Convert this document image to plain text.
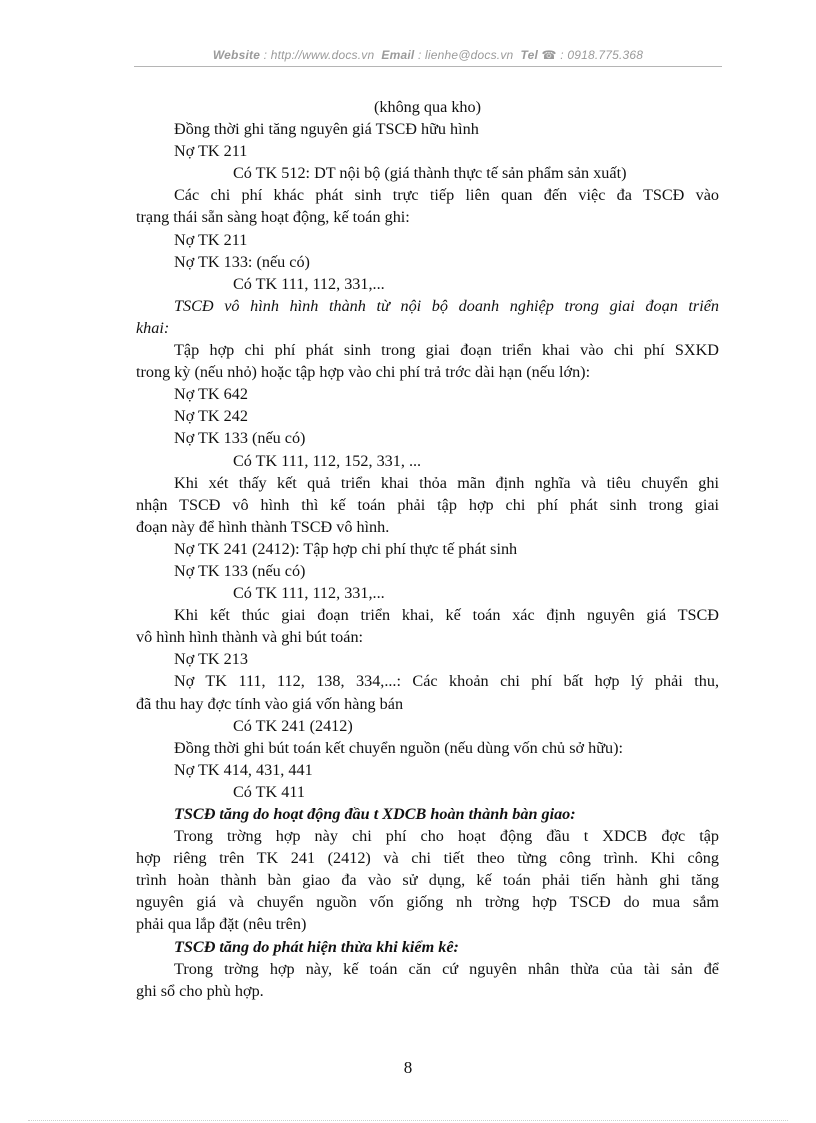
Website : http://www.docs.vn Email : lienhe@docs.vn Tel ☎ : 0918.775.368
(không qua kho)
Đồng thời ghi tăng nguyên giá TSCĐ hữu hình
Nợ TK 211
Có TK 512: DT nội bộ (giá thành thực tế sản phẩm sản xuất)
Các chi phí khác phát sinh trực tiếp liên quan đến việc đa TSCĐ vào
trạng thái sẵn sàng hoạt động, kế toán ghi:
Nợ TK 211
Nợ TK 133: (nếu có)
Có TK 111, 112, 331,...
TSCĐ vô hình hình thành từ nội bộ doanh nghiệp trong giai đoạn triển
khai:
Tập hợp chi phí phát sinh trong giai đoạn triển khai vào chi phí SXKD
trong kỳ (nếu nhỏ) hoặc tập hợp vào chi phí trả trớc dài hạn (nếu lớn):
Nợ TK 642
Nợ TK 242
Nợ TK 133 (nếu có)
Có TK 111, 112, 152, 331, ...
Khi xét thấy kết quả triển khai thỏa mãn định nghĩa và tiêu chuyển ghi
nhận TSCĐ vô hình thì kế toán phải tập hợp chi phí phát sinh trong giai
đoạn này để hình thành TSCĐ vô hình.
Nợ TK 241 (2412): Tập hợp chi phí thực tế phát sinh
Nợ TK 133 (nếu có)
Có TK 111, 112, 331,...
Khi kết thúc giai đoạn triển khai, kế toán xác định nguyên giá TSCĐ
vô hình hình thành và ghi bút toán:
Nợ TK 213
Nợ TK 111, 112, 138, 334,...: Các khoản chi phí bất hợp lý phải thu,
đã thu hay đợc tính vào giá vốn hàng bán
Có TK 241 (2412)
Đồng thời ghi bút toán kết chuyển nguồn (nếu dùng vốn chủ sở hữu):
Nợ TK 414, 431, 441
Có TK 411
TSCĐ tăng do hoạt động đầu t XDCB hoàn thành bàn giao:
Trong trờng hợp này chi phí cho hoạt động đầu t XDCB đợc tập
hợp riêng trên TK 241 (2412) và chi tiết theo từng công trình. Khi công
trình hoàn thành bàn giao đa vào sử dụng, kế toán phải tiến hành ghi tăng
nguyên giá và chuyển nguồn vốn giống nh trờng hợp TSCĐ do mua sắm
phải qua lắp đặt (nêu trên)
TSCĐ tăng do phát hiện thừa khi kiểm kê:
Trong trờng hợp này, kế toán căn cứ nguyên nhân thừa của tài sản để
ghi sổ cho phù hợp.
8
